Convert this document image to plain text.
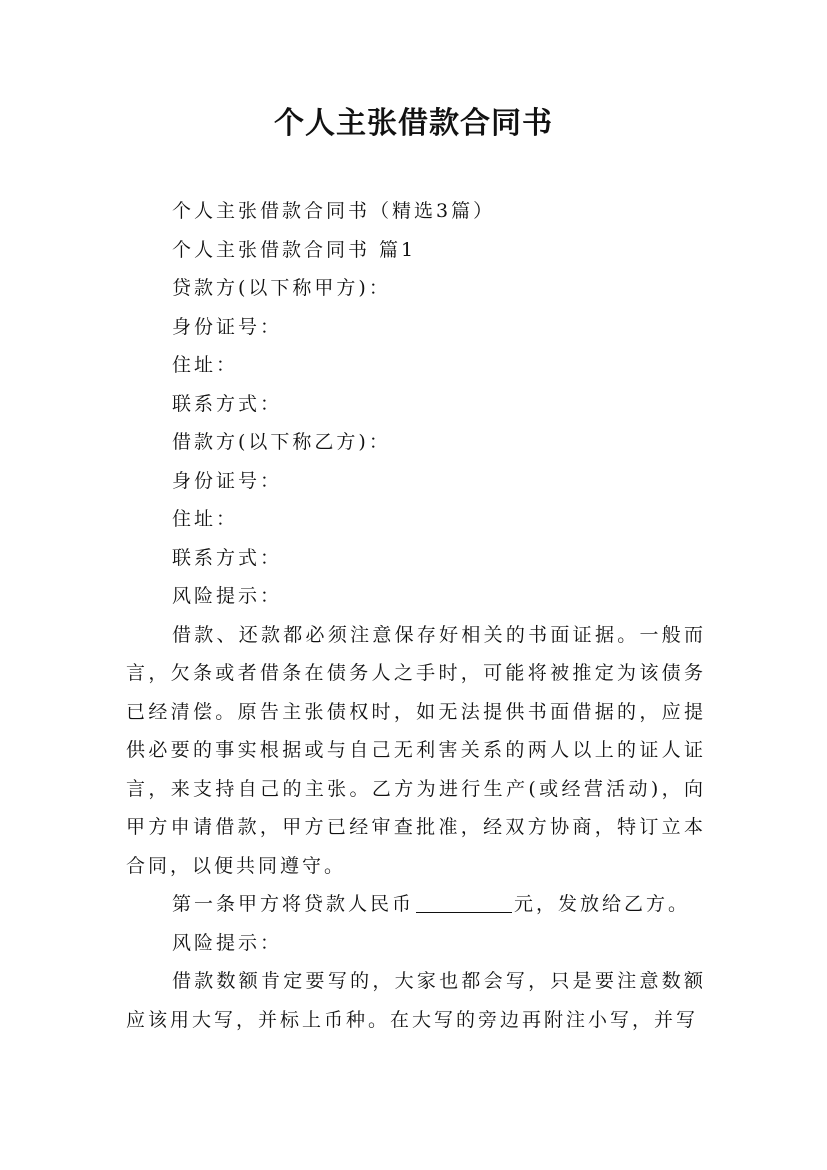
个人主张借款合同书

个人主张借款合同书（精选3篇）

个人主张借款合同书 篇1

贷款方(以下称甲方)：

身份证号：

住址：

联系方式：

借款方(以下称乙方)：

身份证号：

住址：

联系方式：

风险提示：

借款、还款都必须注意保存好相关的书面证据。一般而言，欠条或者借条在债务人之手时，可能将被推定为该债务已经清偿。原告主张债权时，如无法提供书面借据的，应提供必要的事实根据或与自己无利害关系的两人以上的证人证言，来支持自己的主张。乙方为进行生产(或经营活动)，向甲方申请借款，甲方已经审查批准，经双方协商，特订立本合同，以便共同遵守。

第一条甲方将贷款人民币	元，发放给乙方。

风险提示：

借款数额肯定要写的，大家也都会写，只是要注意数额应该用大写，并标上币种。在大写的旁边再附注小写，并写
